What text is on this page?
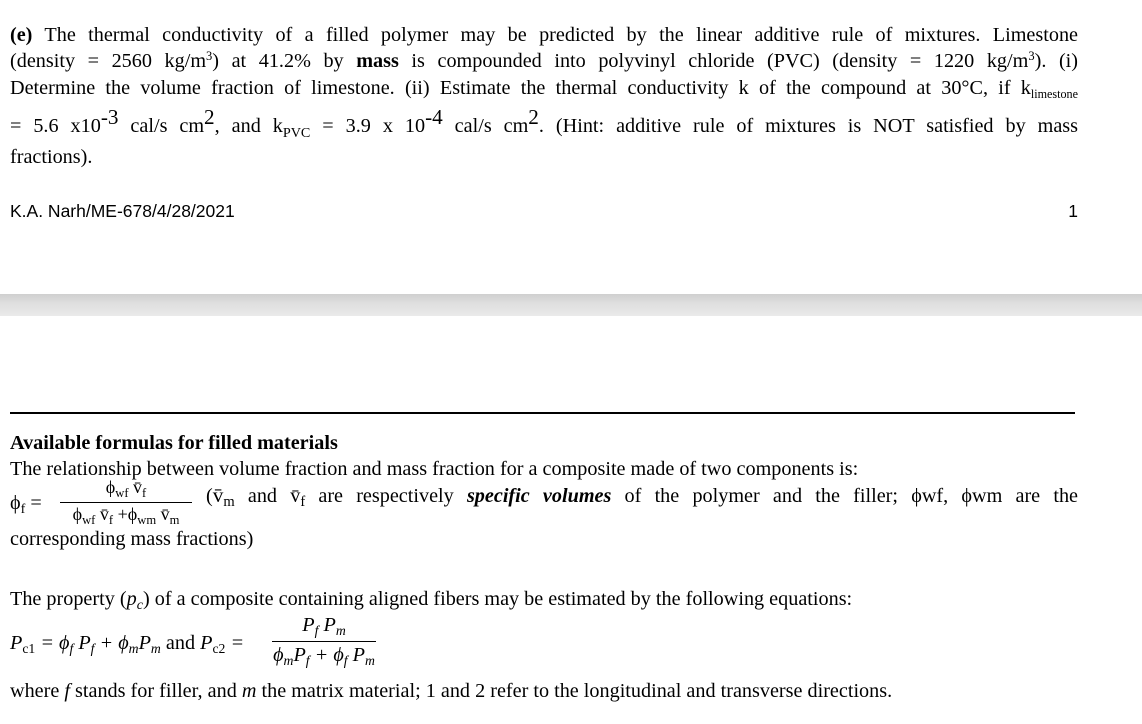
(e) The thermal conductivity of a filled polymer may be predicted by the linear additive rule of mixtures. Limestone
(density = 2560 $kg/m^3$) at 41.2% by mass is compounded into polyvinyl chloride (PVC) (density = 1220 $kg/m^3$). (i)
Determine the volume fraction of limestone. (ii) Estimate the thermal conductivity k of the compound at 30°C, if $k_{limestone}$
= 5.6 x10-3 cal/s cm2, and $k_{PVC} = 3.9$ x 10-4 cal/s cm2. (Hint: additive rule of mixtures is NOT satisfied by mass
fractions).
K.A. Narh/ME-678/4/28/2021	1
Available formulas for filled materials
The relationship between volume fraction and mass fraction for a composite made of two components is:
$\phi_f$ =
$\phi_{wf}$ $v̄_f$
$\phi_{wf}$ $v̄_f +\phi_{wm}$ $v̄_m$
($v̄_m$ and $v̄_f$ are respectively specific volumes of the polymer and the filler; ϕwf, ϕwm are the
corresponding mass fractions)
The property $(p_c)$ of a composite containing aligned fibers may be estimated by the following equations:
$P_{c1} = \phi_f$ $P_f + \phi_mP_m$ and $P_{c2}$ =
$P_f$ $P_m$
$\phi_mP_f + \phi_f$ $P_m$
where f stands for filler, and m the matrix material; 1 and 2 refer to the longitudinal and transverse directions.
